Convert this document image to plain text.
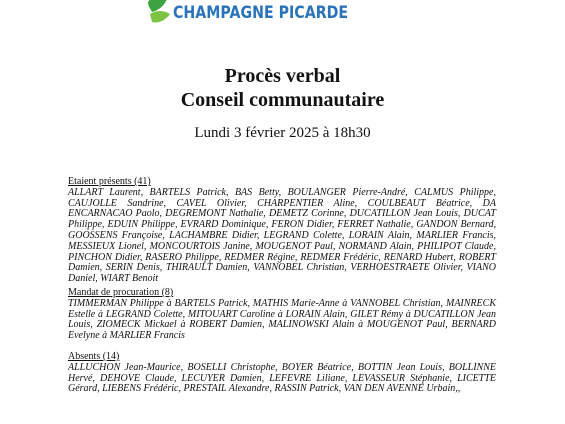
CHAMPAGNE PICARDE
Procès verbal
Conseil communautaire
Lundi 3 février 2025 à 18h30
Etaient présents (41)
ALLART Laurent, BARTELS Patrick, BAS Betty, BOULANGER Pierre-André, CALMUS Philippe, CAUJOLLE Sandrine, CAVEL Olivier, CHARPENTIER Aline, COULBEAUT Béatrice, DA ENCARNACAO Paolo, DEGREMONT Nathalie, DEMETZ Corinne, DUCATILLON Jean Louis, DUCAT Philippe, EDUIN Philippe, EVRARD Dominique, FERON Didier, FERRET Nathalie, GANDON Bernard, GOOSSENS Françoise, LACHAMBRE Didier, LEGRAND Colette, LORAIN Alain, MARLIER Francis, MESSIEUX Lionel, MONCOURTOIS Janine, MOUGENOT Paul, NORMAND Alain, PHILIPOT Claude, PINCHON Didier, RASERO Philippe, REDMER Régine, REDMER Frédéric, RENARD Hubert, ROBERT Damien, SERIN Denis, THIRAULT Damien, VANNOBEL Christian, VERHOESTRAETE Olivier, VIANO Daniel, WIART Benoit
Mandat de procuration (8)
TIMMERMAN Philippe à BARTELS Patrick, MATHIS Marie-Anne à VANNOBEL Christian, MAINRECK Estelle à LEGRAND Colette, MITOUART Caroline à LORAIN Alain, GILET Rémy à DUCATILLON Jean Louis, ZIOMECK Mickael à ROBERT Damien, MALINOWSKI Alain à MOUGENOT Paul, BERNARD Evelyne à MARLIER Francis
Absents (14)
ALLUCHON Jean-Maurice, BOSELLI Christophe, BOYER Béatrice, BOTTIN Jean Louis, BOLLINNE Hervé, DEHOVE Claude, LECUYER Damien, LEFEVRE Liliane, LEVASSEUR Stéphanie, LICETTE Gérard, LIEBENS Frédéric, PRESTAIL Alexandre, RASSIN Patrick, VAN DEN AVENNE Urbain,,
